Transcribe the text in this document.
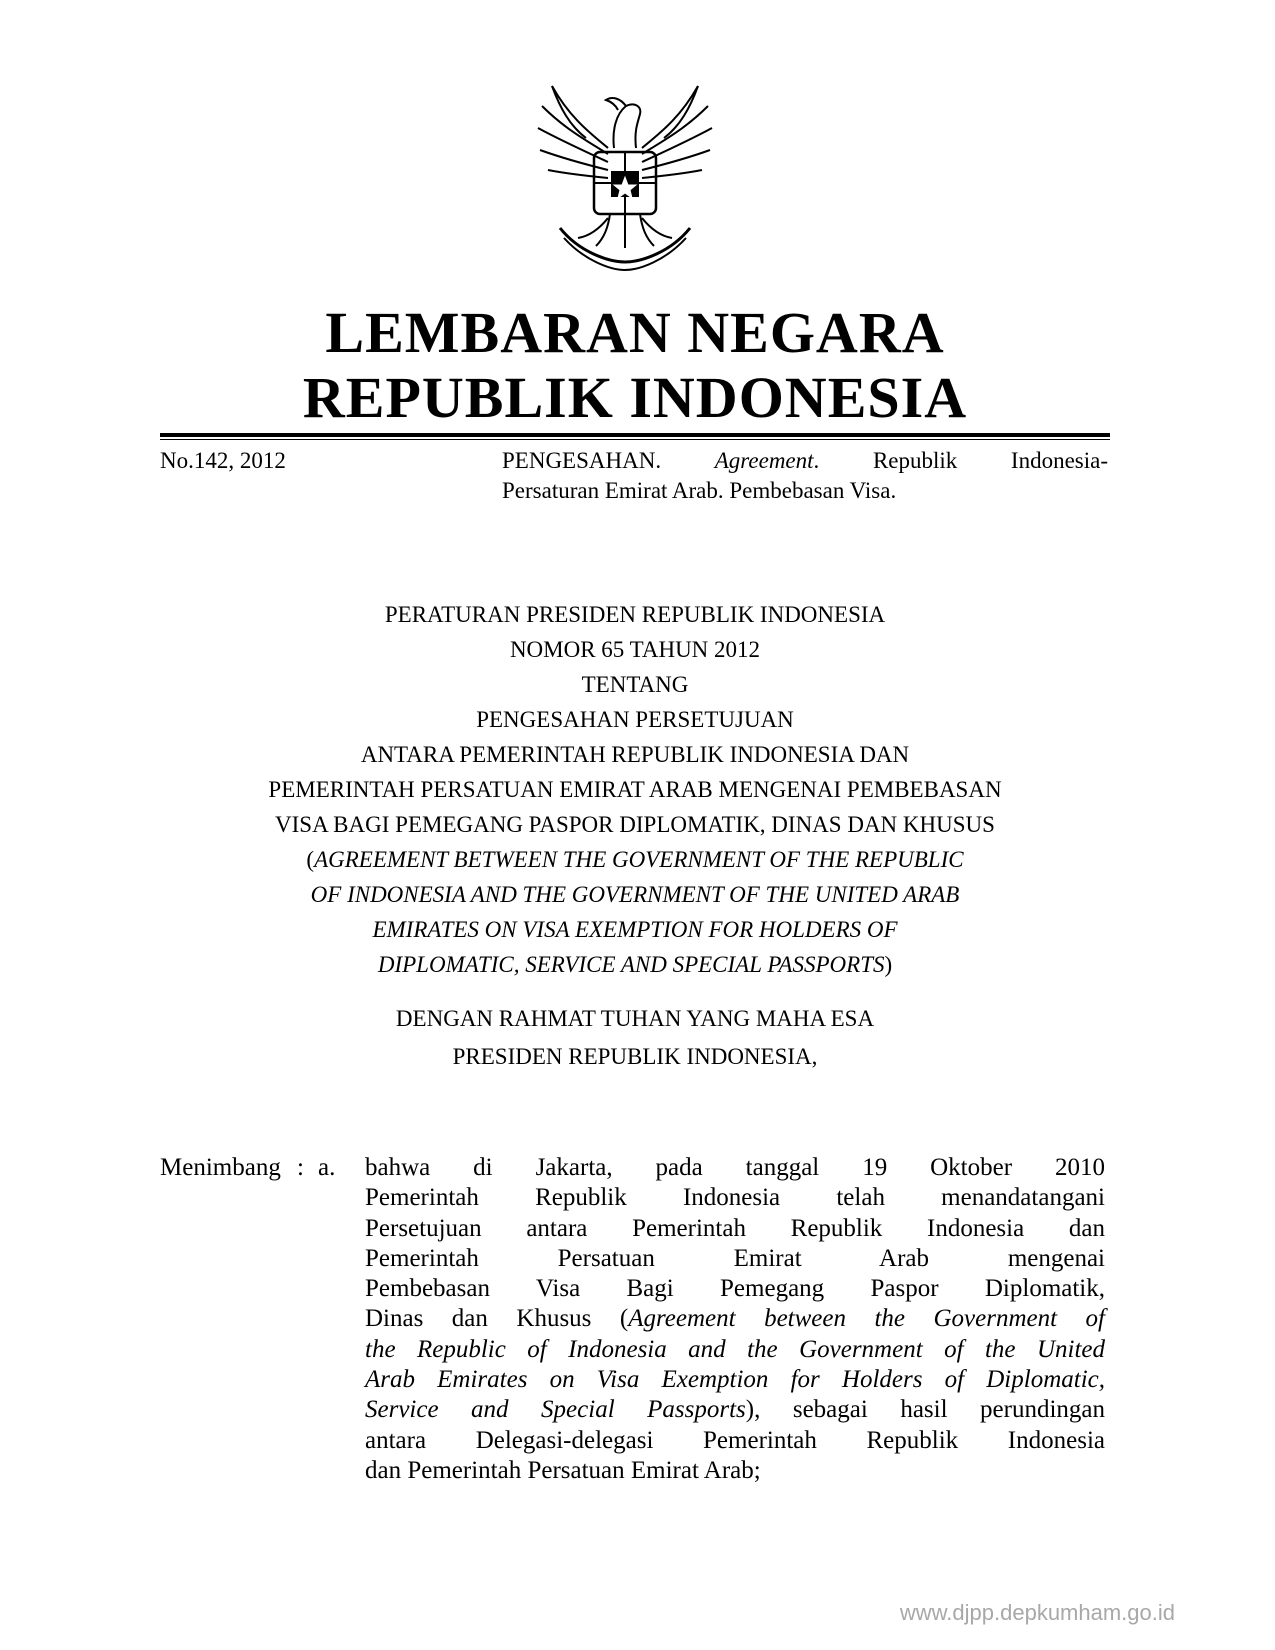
LEMBARAN NEGARA
REPUBLIK INDONESIA
No.142, 2012	PENGESAHAN. Agreement. Republik Indonesia-
Persaturan Emirat Arab. Pembebasan Visa.
PERATURAN PRESIDEN REPUBLIK INDONESIA
NOMOR 65 TAHUN 2012
TENTANG
PENGESAHAN PERSETUJUAN
ANTARA PEMERINTAH REPUBLIK INDONESIA DAN
PEMERINTAH PERSATUAN EMIRAT ARAB MENGENAI PEMBEBASAN
VISA BAGI PEMEGANG PASPOR DIPLOMATIK, DINAS DAN KHUSUS
(AGREEMENT BETWEEN THE GOVERNMENT OF THE REPUBLIC
OF INDONESIA AND THE GOVERNMENT OF THE UNITED ARAB
EMIRATES ON VISA EXEMPTION FOR HOLDERS OF
DIPLOMATIC, SERVICE AND SPECIAL PASSPORTS)
DENGAN RAHMAT TUHAN YANG MAHA ESA
PRESIDEN REPUBLIK INDONESIA,
Menimbang : a. bahwa di Jakarta, pada tanggal 19 Oktober 2010
Pemerintah Republik Indonesia telah menandatangani
Persetujuan antara Pemerintah Republik Indonesia dan
Pemerintah Persatuan Emirat Arab mengenai
Pembebasan Visa Bagi Pemegang Paspor Diplomatik,
Dinas dan Khusus (Agreement between the Government of
the Republic of Indonesia and the Government of the United
Arab Emirates on Visa Exemption for Holders of Diplomatic,
Service and Special Passports), sebagai hasil perundingan
antara Delegasi-delegasi Pemerintah Republik Indonesia
dan Pemerintah Persatuan Emirat Arab;
www.djpp.depkumham.go.id
